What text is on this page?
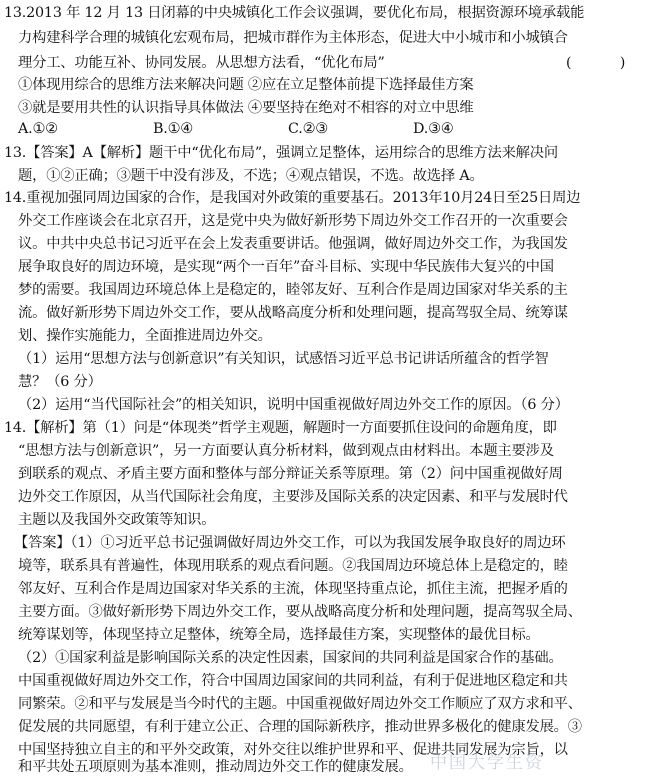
13.2013 年 12 月 13 日闭幕的中央城镇化工作会议强调，要优化布局，根据资源环境承载能
力构建科学合理的城镇化宏观布局，把城市群作为主体形态，促进大中小城市和小城镇合
理分工、功能互补、协同发展。从思想方法看，“优化布局”	( )
①体现用综合的思维方法来解决问题 ②应在立足整体前提下选择最佳方案
③就是要用共性的认识指导具体做法 ④要坚持在绝对不相容的对立中思维
A.①②	B.①④	C.②③	D.③④
13.【答案】A【解析】题干中“优化布局”，强调立足整体，运用综合的思维方法来解决问
题，①②正确；③题干中没有涉及，不选；④观点错误，不选。故选择 A。
14.重视加强同周边国家的合作，是我国对外政策的重要基石。2013年10月24日至25日周边
外交工作座谈会在北京召开，这是党中央为做好新形势下周边外交工作召开的一次重要会
议。中共中央总书记习近平在会上发表重要讲话。他强调，做好周边外交工作，为我国发
展争取良好的周边环境，是实现“两个一百年”奋斗目标、实现中华民族伟大复兴的中国
梦的需要。我国周边环境总体上是稳定的，睦邻友好、互利合作是周边国家对华关系的主
流。做好新形势下周边外交工作，要从战略高度分析和处理问题，提高驾驭全局、统筹谋
划、操作实施能力，全面推进周边外交。
（1）运用“思想方法与创新意识”有关知识，试感悟习近平总书记讲话所蕴含的哲学智
慧？（6 分）
（2）运用“当代国际社会”的相关知识，说明中国重视做好周边外交工作的原因。（6 分）
14.【解析】第（1）问是“体现类”哲学主观题，解题时一方面要抓住设问的命题角度，即
“思想方法与创新意识”，另一方面要认真分析材料，做到观点由材料出。本题主要涉及
到联系的观点、矛盾主要方面和整体与部分辩证关系等原理。第（2）问中国重视做好周
边外交工作原因，从当代国际社会角度，主要涉及国际关系的决定因素、和平与发展时代
主题以及我国外交政策等知识。
【答案】（1）①习近平总书记强调做好周边外交工作，可以为我国发展争取良好的周边环
境等，联系具有普遍性，体现用联系的观点看问题。②我国周边环境总体上是稳定的，睦
邻友好、互利合作是周边国家对华关系的主流，体现坚持重点论，抓住主流，把握矛盾的
主要方面。③做好新形势下周边外交工作，要从战略高度分析和处理问题，提高驾驭全局、
统筹谋划等，体现坚持立足整体，统筹全局，选择最佳方案，实现整体的最优目标。
（2）①国家利益是影响国际关系的决定性因素，国家间的共同利益是国家合作的基础。
中国重视做好周边外交工作，符合中国周边国家间的共同利益，有利于促进地区稳定和共
同繁荣。②和平与发展是当今时代的主题。中国重视做好周边外交工作顺应了双方求和平、
促发展的共同愿望，有利于建立公正、合理的国际新秩序，推动世界多极化的健康发展。③
中国坚持独立自主的和平外交政策，对外交往以维护世界和平、促进共同发展为宗旨，以
和平共处五项原则为基本准则，推动周边外交工作的健康发展。	中国大学生资
